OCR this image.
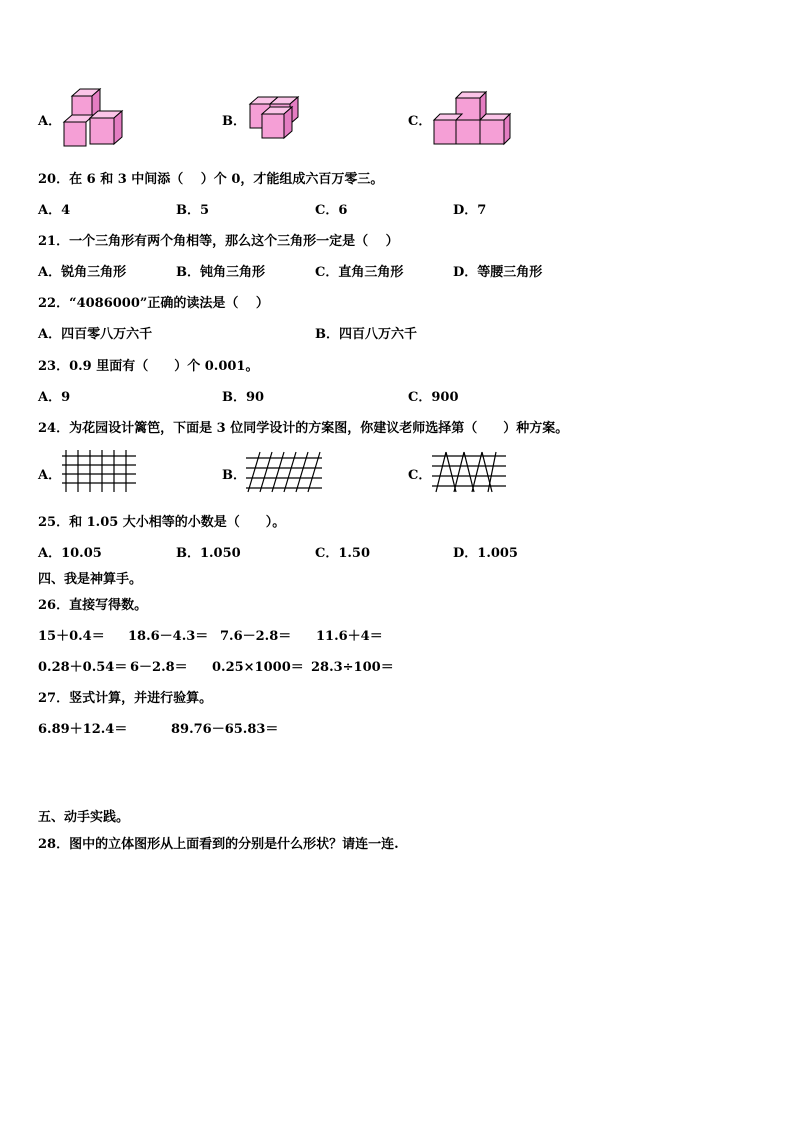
A．	B．	C．
20．在 6 和 3 中间添（　 ）个 0，才能组成六百万零三。
A．4	B．5	C．6	D．7
21．一个三角形有两个角相等，那么这个三角形一定是（　 ）
A．锐角三角形	B．钝角三角形	C．直角三角形	D．等腰三角形
22．“4086000”正确的读法是（　 ）
A．四百零八万六千	B．四百八万六千
23．0.9 里面有（　　）个 0.001。
A．9	B．90	C．900
24．为花园设计篱笆，下面是 3 位同学设计的方案图，你建议老师选择第（　　）种方案。
A．	B．	C．
25．和 1.05 大小相等的小数是（　　）。
A．10.05	B．1.050	C．1.50	D．1.005
四、我是神算手。
26．直接写得数。
15＋0.4＝ 18.6－4.3＝ 7.6－2.8＝ 11.6＋4＝
0.28＋0.54＝ 6－2.8＝ 0.25×1000＝ 28.3÷100＝
27．竖式计算，并进行验算。
6.89＋12.4＝	89.76－65.83＝
五、动手实践。
28．图中的立体图形从上面看到的分别是什么形状？请连一连.
